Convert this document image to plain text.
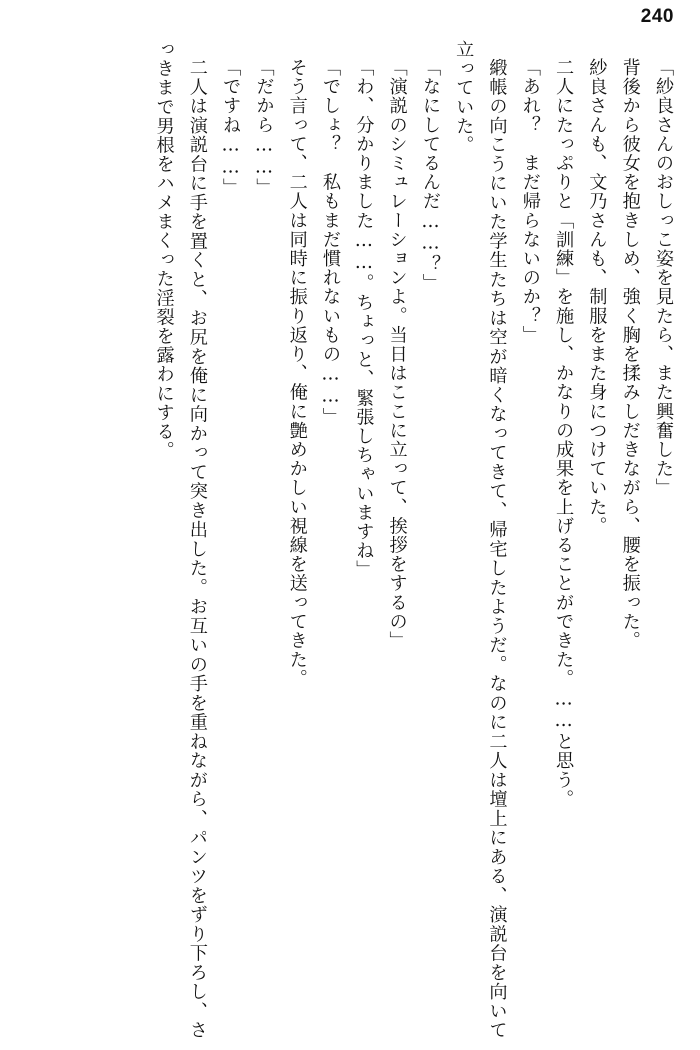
240

「紗良さんのおしっこ姿を見たら、また興奮した」

背後から彼女を抱きしめ、強く胸を揉みしだきながら、腰を振った。

紗良さんも、文乃さんも、制服をまた身につけていた。

二人にたっぷりと「訓練」を施し、かなりの成果を上げることができた。……と思う。

「あれ？　まだ帰らないのか？」

緞帳の向こうにいた学生たちは空が暗くなってきて、帰宅したようだ。なのに二人は壇上にある、演説台を向いて立っていた。

「なにしてるんだ……？」

「演説のシミュレーションよ。当日はここに立って、挨拶をするの」

「わ、分かりました……。ちょっと、緊張しちゃいますね」

「でしょ？　私もまだ慣れないもの……」

そう言って、二人は同時に振り返り、俺に艶めかしい視線を送ってきた。

「だから……」

「ですね……」

二人は演説台に手を置くと、お尻を俺に向かって突き出した。お互いの手を重ねながら、パンツをずり下ろし、さっきまで男根をハメまくった淫裂を露わにする。
